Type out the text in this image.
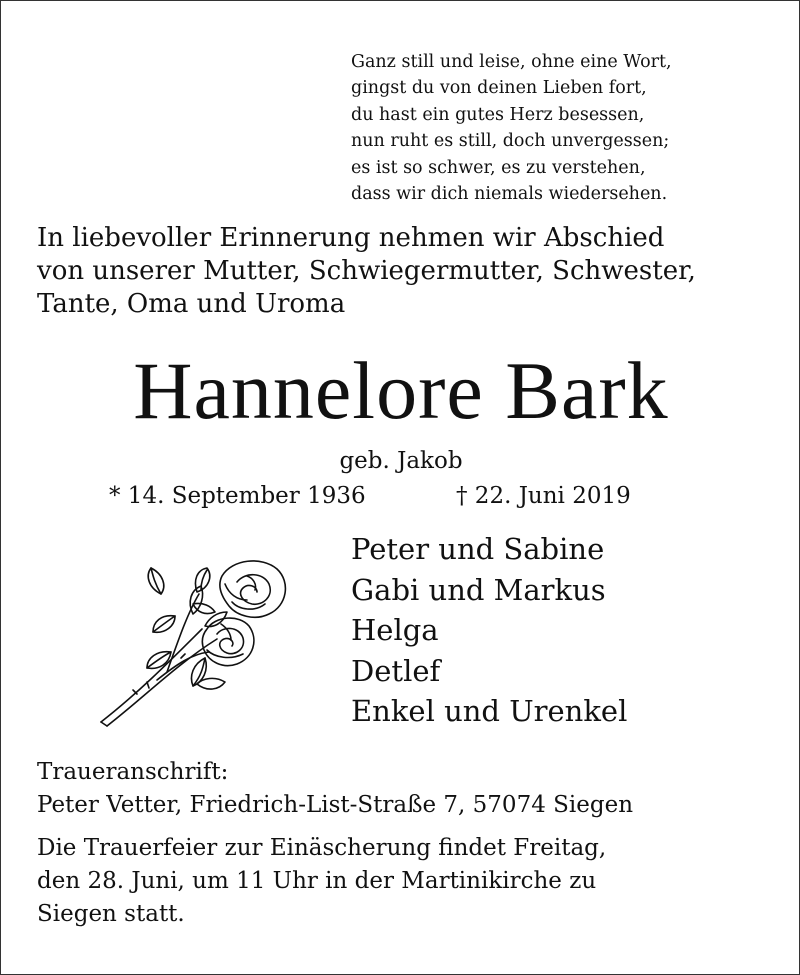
Ganz still und leise, ohne eine Wort,
gingst du von deinen Lieben fort,
du hast ein gutes Herz besessen,
nun ruht es still, doch unvergessen;
es ist so schwer, es zu verstehen,
dass wir dich niemals wiedersehen.
In liebevoller Erinnerung nehmen wir Abschied
von unserer Mutter, Schwiegermutter, Schwester,
Tante, Oma und Uroma
Hannelore Bark
geb. Jakob
* 14. September 1936	† 22. Juni 2019
Peter und Sabine
Gabi und Markus
Helga
Detlef
Enkel und Urenkel
Traueranschrift:
Peter Vetter, Friedrich-List-Straße 7, 57074 Siegen
Die Trauerfeier zur Einäscherung findet Freitag,
den 28. Juni, um 11 Uhr in der Martinikirche zu
Siegen statt.
